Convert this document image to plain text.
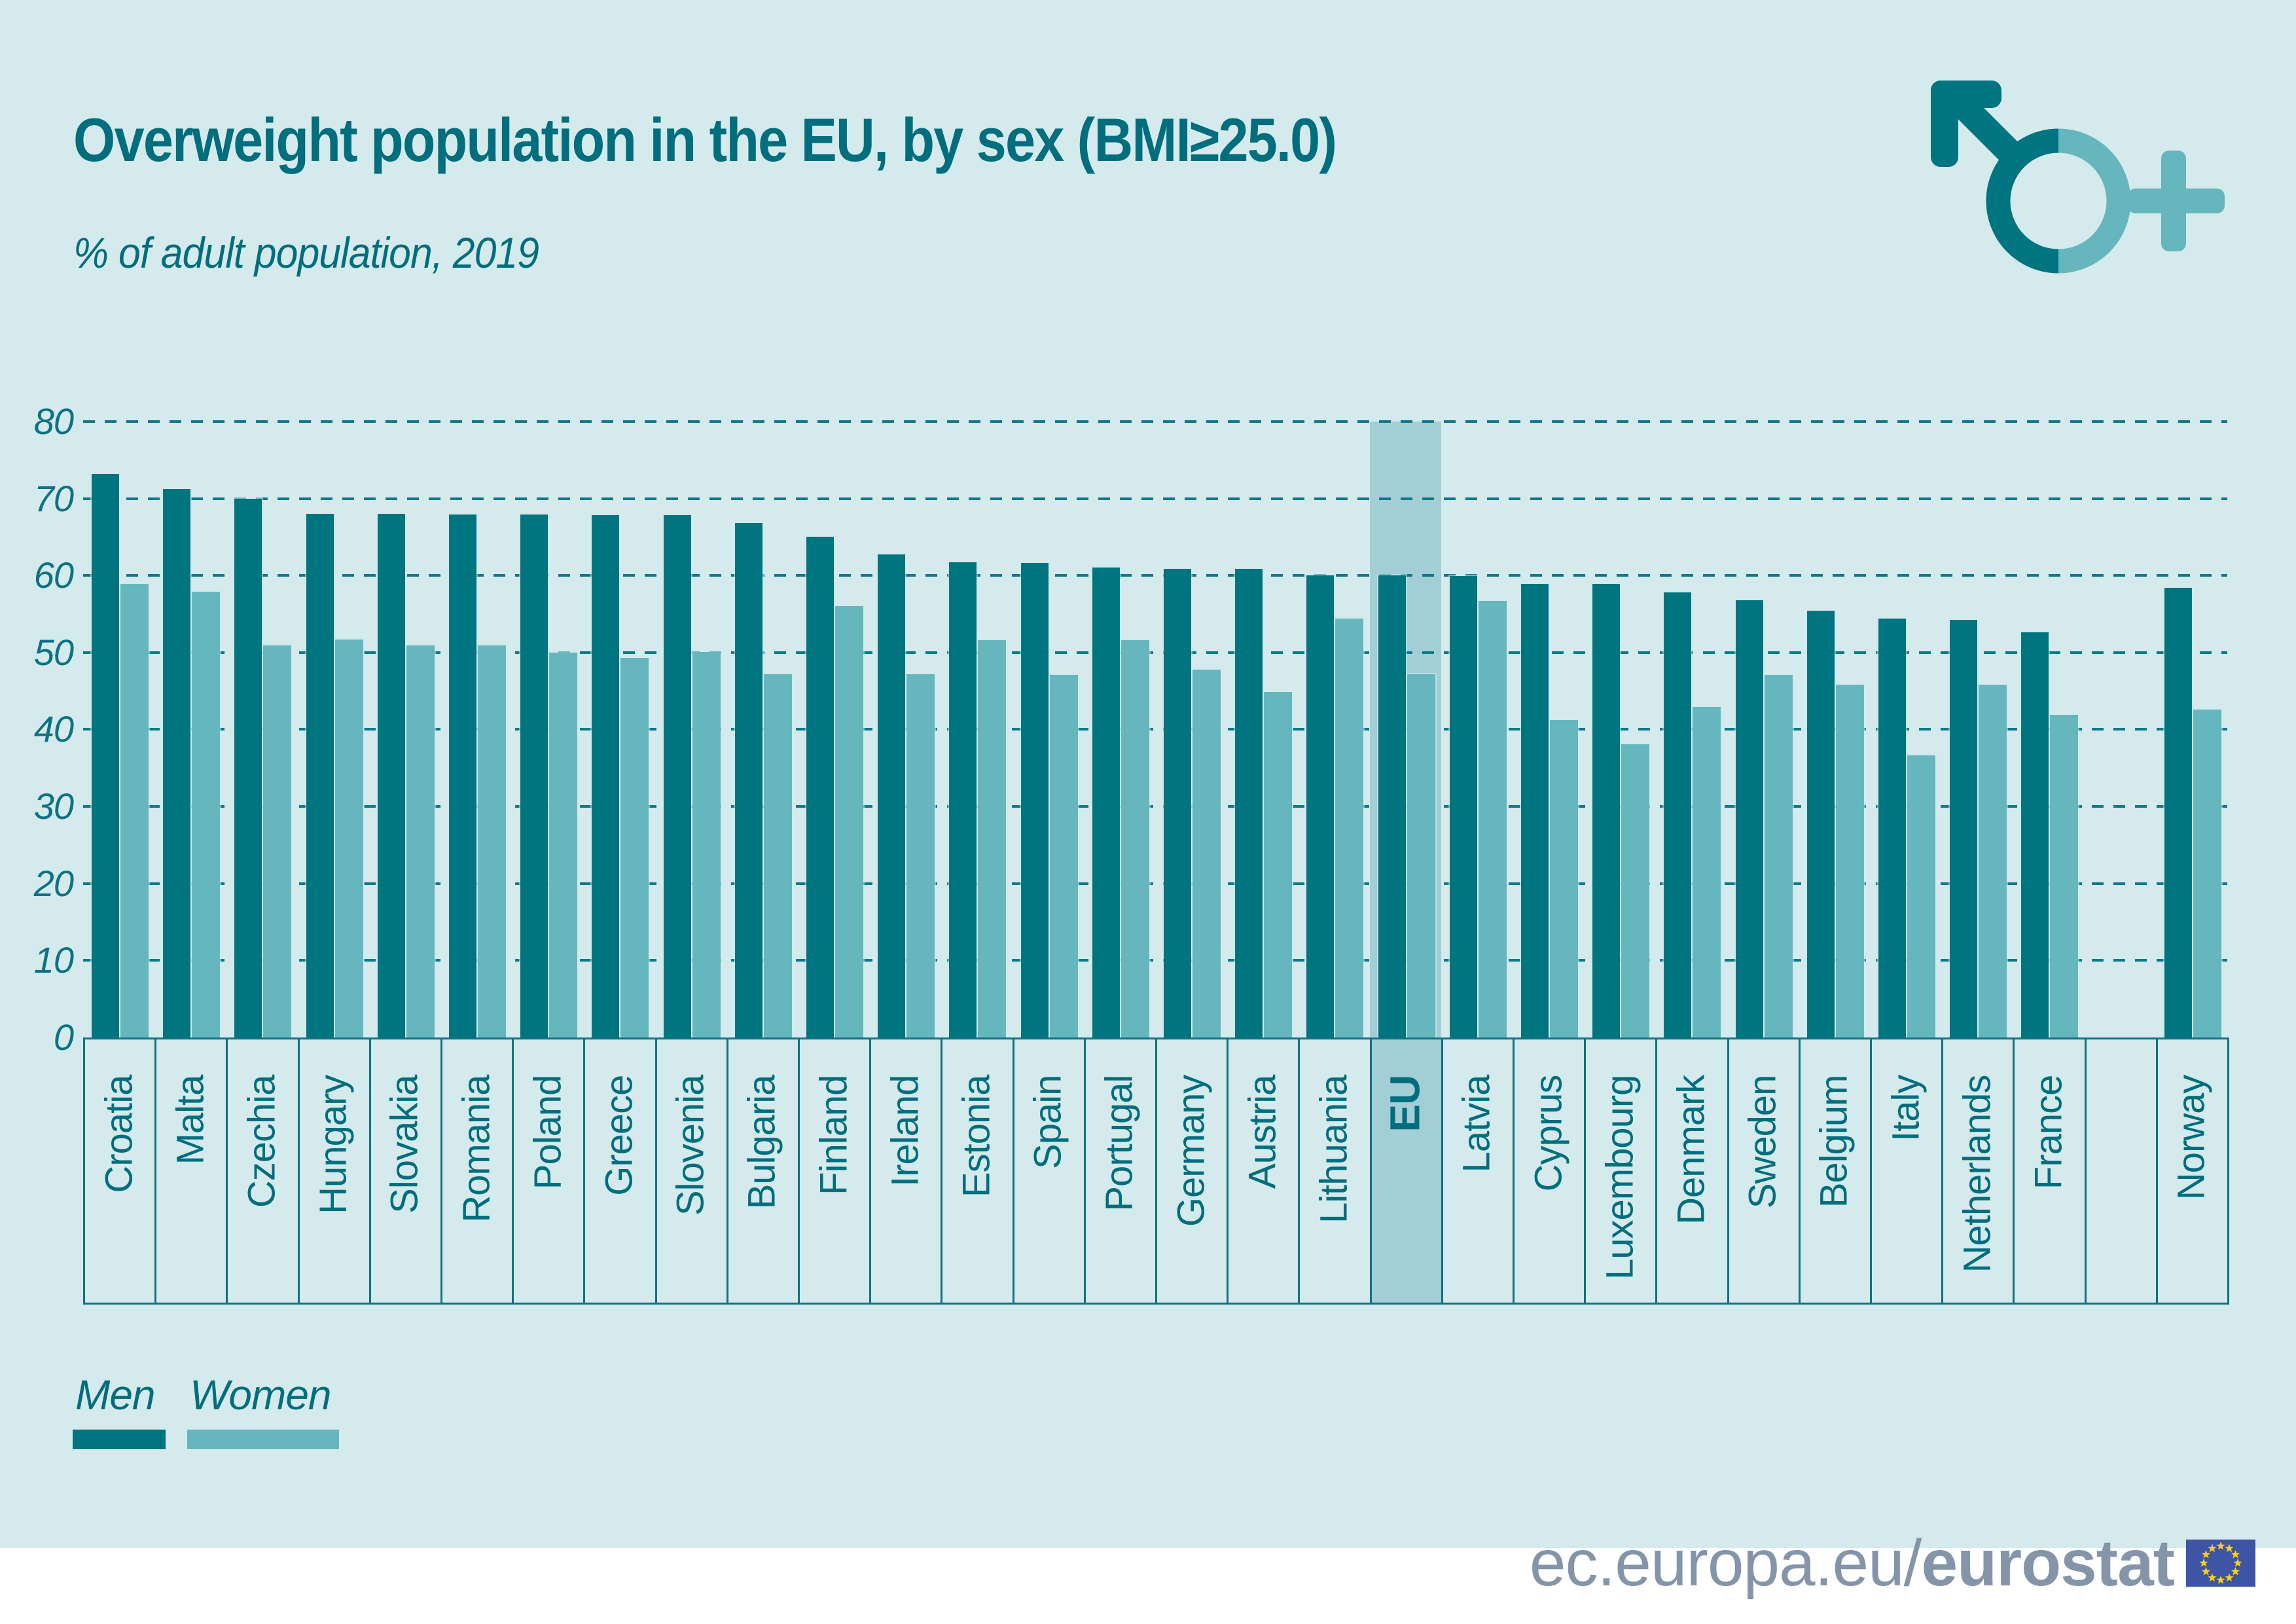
Overweight population in the EU, by sex (BMI≥25.0)
% of adult population, 2019
0
10
20
30
40
50
60
70
80
Croatia Malta Czechia Hungary Slovakia Romania Poland Greece Slovenia Bulgaria Finland Ireland Estonia Spain Portugal Germany Austria Lithuania EU Latvia Cyprus Luxembourg Denmark Sweden Belgium Italy Netherlands France	Norway
Men Women
ec.europa.eu/eurostat
